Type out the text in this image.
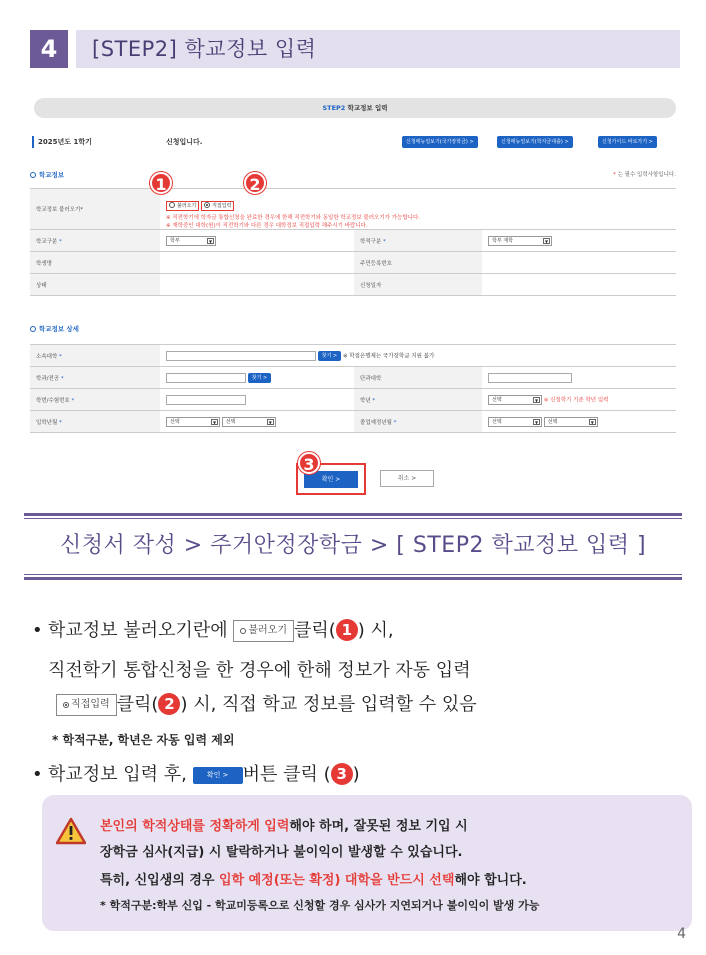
4	[STEP2] 학교정보 입력
STEP2 학교정보 입력
2025년도 1학기	신청입니다.	신청매뉴얼보기(국가장학금) >	신청매뉴얼보기(학자금대출) >	신청가이드 바로가기 >
학교정보	* 는 필수 입력사항입니다.
학교정보 불러오기*	불러오기 직접입력
※ 직전학기에 학자금 통합신청을 완료한 경우에 한해 직전학기와 동일한 학교정보 불러오기가 가능합니다.
※ 재학중인 대학(원)이 직전학기와 다른 경우 대학정보 직접입력 해주시기 바랍니다.		

학교구분 *	학부 ▼	학적구분 *	학부 재학 ▼

학생명		주민등록번호	
상태		신청일자	
학교정보 상세
소속대학 *	찾기 > ※ 학점은행제는 국가장학금 지원 불가		
학과/전공 *	찾기 >	단과대학	
학번/수험번호 *		학년 *	선택 ▼ ※ 신청학기 기준 학년 입력
입학년월 *	선택 ▼ 선택 ▼	졸업예정년월 *	선택 ▼ 선택 ▼
확인 >	취소 >
1	2
3
신청서 작성 > 주거안정장학금 > [ STEP2 학교정보 입력 ]
• 학교정보 불러오기란에 불러오기 클릭( 1 ) 시,
직전학기 통합신청을 한 경우에 한해 정보가 자동 입력
직접입력 클릭( 2 ) 시, 직접 학교 정보를 입력할 수 있음
* 학적구분, 학년은 자동 입력 제외
• 학교정보 입력 후,	확인 > 버튼 클릭 ( 3 )
본인의 학적상태를 정확하게 입력해야 하며, 잘못된 정보 기입 시
장학금 심사(지급) 시 탈락하거나 불이익이 발생할 수 있습니다.
특히, 신입생의 경우 입학 예정(또는 확정) 대학을 반드시 선택해야 합니다.
* 학적구분:학부 신입 - 학교미등록으로 신청할 경우 심사가 지연되거나 불이익이 발생 가능
4
